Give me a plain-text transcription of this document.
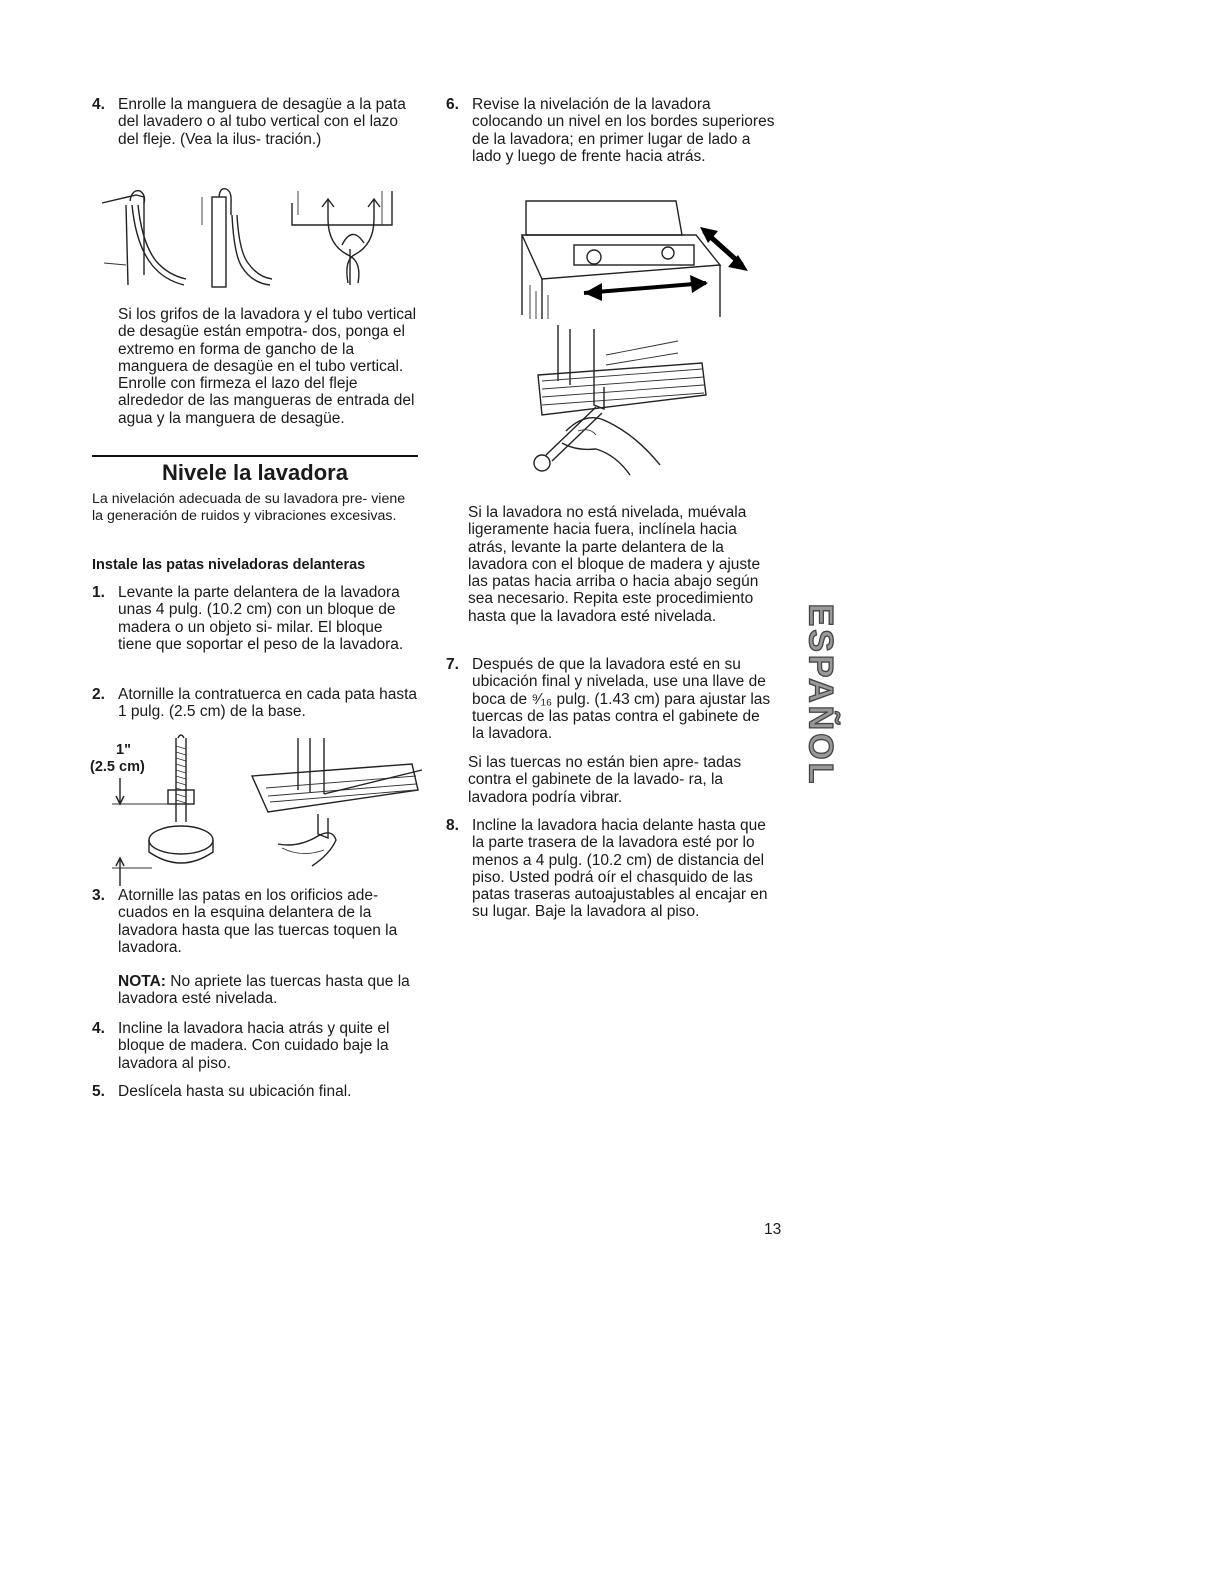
4. Enrolle la manguera de desagüe a la pata del lavadero o al tubo vertical con el lazo del fleje. (Vea la ilus- tración.)
Si los grifos de la lavadora y el tubo vertical de desagüe están empotra- dos, ponga el extremo en forma de gancho de la manguera de desagüe en el tubo vertical. Enrolle con firmeza el lazo del fleje alrededor de las mangueras de entrada del agua y la manguera de desagüe.
Nivele la lavadora
La nivelación adecuada de su lavadora pre- viene la generación de ruidos y vibraciones excesivas.
Instale las patas niveladoras delanteras
1. Levante la parte delantera de la lavadora unas 4 pulg. (10.2 cm) con un bloque de madera o un objeto si- milar. El bloque tiene que soportar el peso de la lavadora.
2. Atornille la contratuerca en cada pata hasta 1 pulg. (2.5 cm) de la base.
1"
(2.5 cm)
3. Atornille las patas en los orificios ade- cuados en la esquina delantera de la lavadora hasta que las tuercas toquen la lavadora.
NOTA: No apriete las tuercas hasta que la lavadora esté nivelada.
4. Incline la lavadora hacia atrás y quite el bloque de madera. Con cuidado baje la lavadora al piso.
5. Deslícela hasta su ubicación final.
6. Revise la nivelación de la lavadora colocando un nivel en los bordes superiores de la lavadora; en primer lugar de lado a lado y luego de frente hacia atrás.
Si la lavadora no está nivelada, muévala ligeramente hacia fuera, inclínela hacia atrás, levante la parte delantera de la lavadora con el bloque de madera y ajuste las patas hacia arriba o hacia abajo según sea necesario. Repita este procedimiento hasta que la lavadora esté nivelada.
7. Después de que la lavadora esté en su ubicación final y nivelada, use una llave de boca de ⁹⁄₁₆ pulg. (1.43 cm) para ajustar las tuercas de las patas contra el gabinete de la lavadora.
Si las tuercas no están bien apre- tadas contra el gabinete de la lavado- ra, la lavadora podría vibrar.
8. Incline la lavadora hacia delante hasta que la parte trasera de la lavadora esté por lo menos a 4 pulg. (10.2 cm) de distancia del piso. Usted podrá oír el chasquido de las patas traseras autoajustables al encajar en su lugar. Baje la lavadora al piso.
ESPAÑOL
13
